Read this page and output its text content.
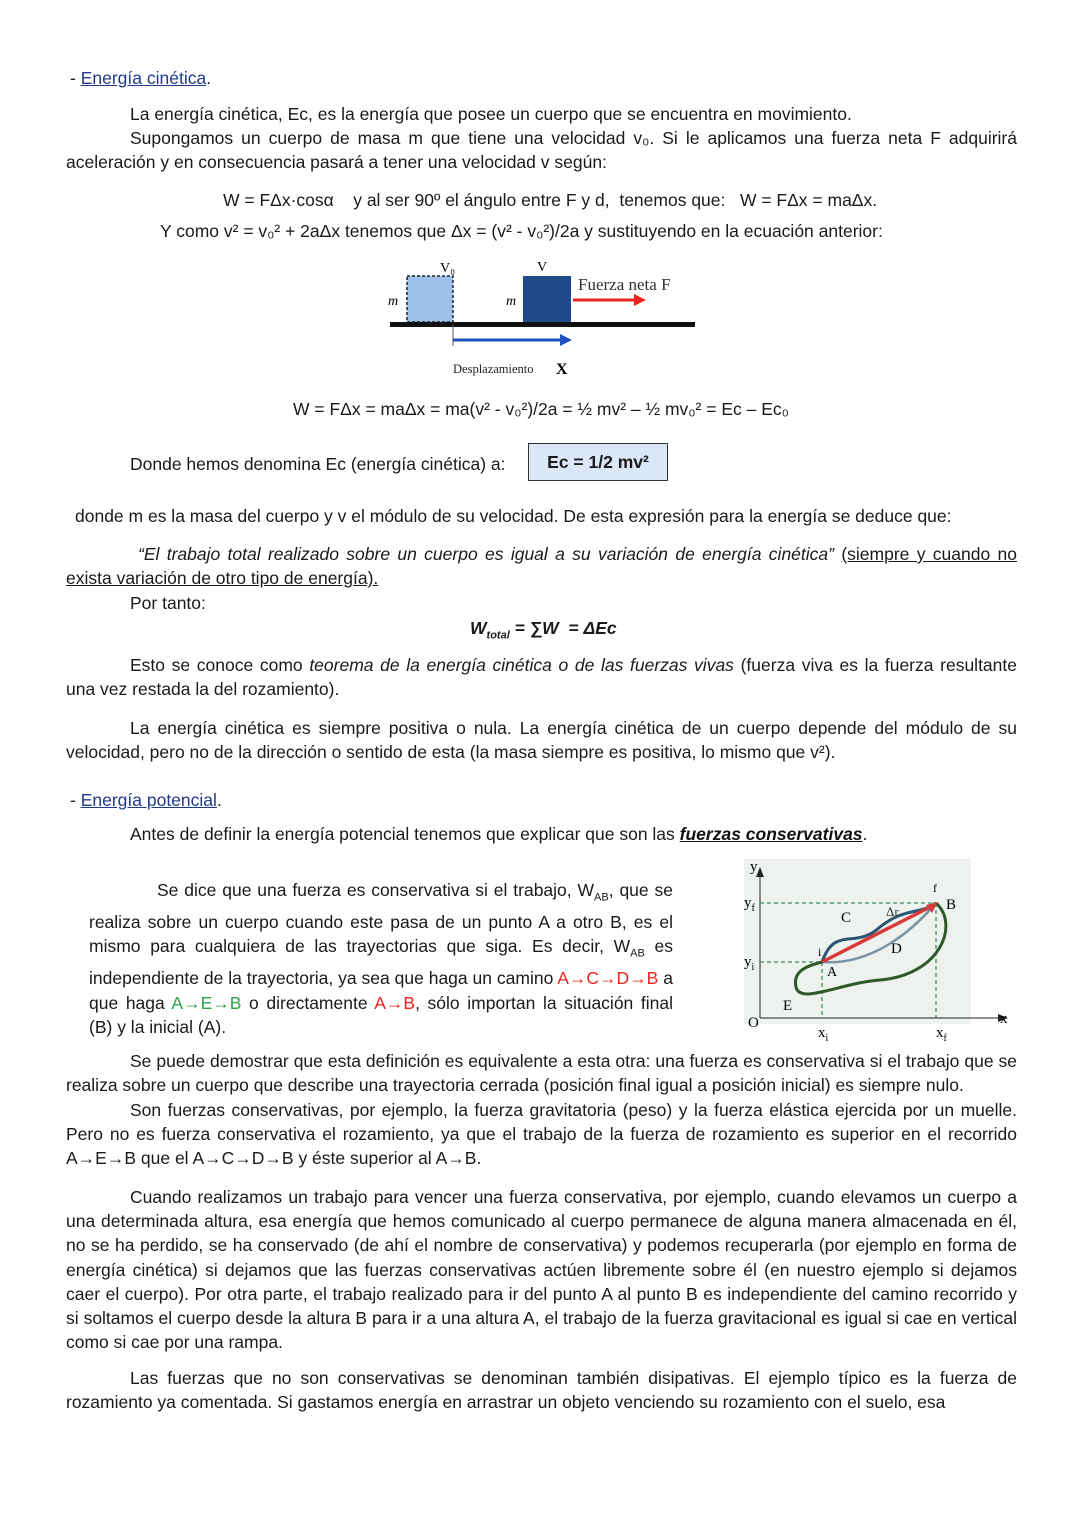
- Energía cinética.
La energía cinética, Ec, es la energía que posee un cuerpo que se encuentra en movimiento.
Supongamos un cuerpo de masa m que tiene una velocidad v₀. Si le aplicamos una fuerza neta F adquirirá aceleración y en consecuencia pasará a tener una velocidad v según:
W = FΔx·cosα    y al ser 90º el ángulo entre F y d,  tenemos que:   W = FΔx = maΔx.
Y como v² = v₀² + 2aΔx tenemos que Δx = (v² - v₀²)/2a y sustituyendo en la ecuación anterior:
V₀	V
m	m
Fuerza neta F
Desplazamiento X
W = FΔx = maΔx = ma(v² - v₀²)/2a = ½ mv² – ½ mv₀² = Ec – Ec₀
Donde hemos denomina Ec (energía cinética) a:	Ec = 1/2 mv²
donde m es la masa del cuerpo y v el módulo de su velocidad. De esta expresión para la energía se deduce que:
“El trabajo total realizado sobre un cuerpo es igual a su variación de energía cinética” (siempre y cuando no exista variación de otro tipo de energía).
Por tanto:
$W_{total} = \sum W = \Delta Ec$
Esto se conoce como teorema de la energía cinética o de las fuerzas vivas (fuerza viva es la fuerza resultante una vez restada la del rozamiento).
La energía cinética es siempre positiva o nula. La energía cinética de un cuerpo depende del módulo de su velocidad, pero no de la dirección o sentido de esta (la masa siempre es positiva, lo mismo que v²).
- Energía potencial.
Antes de definir la energía potencial tenemos que explicar que son las fuerzas conservativas.
Se dice que una fuerza es conservativa si el trabajo, $W_{AB}$, que se realiza sobre un cuerpo cuando este pasa de un punto A a otro B, es el mismo para cualquiera de las trayectorias que siga. Es decir, $W_{AB}$ es independiente de la trayectoria, ya sea que haga un camino A→C→D→B a que haga A→E→B o directamente A→B, sólo importan la situación final (B) y la inicial (A).
y
$y_f$
$y_i$
O	x
$x_i$	$x_f$
A
B
C
D
E
i
f
Δr
Se puede demostrar que esta definición es equivalente a esta otra: una fuerza es conservativa si el trabajo que se realiza sobre un cuerpo que describe una trayectoria cerrada (posición final igual a posición inicial) es siempre nulo.
Son fuerzas conservativas, por ejemplo, la fuerza gravitatoria (peso) y la fuerza elástica ejercida por un muelle. Pero no es fuerza conservativa el rozamiento, ya que el trabajo de la fuerza de rozamiento es superior en el recorrido A→E→B que el A→C→D→B y éste superior al A→B.
Cuando realizamos un trabajo para vencer una fuerza conservativa, por ejemplo, cuando elevamos un cuerpo a una determinada altura, esa energía que hemos comunicado al cuerpo permanece de alguna manera almacenada en él, no se ha perdido, se ha conservado (de ahí el nombre de conservativa) y podemos recuperarla (por ejemplo en forma de energía cinética) si dejamos que las fuerzas conservativas actúen libremente sobre él (en nuestro ejemplo si dejamos caer el cuerpo). Por otra parte, el trabajo realizado para ir del punto A al punto B es independiente del camino recorrido y si soltamos el cuerpo desde la altura B para ir a una altura A, el trabajo de la fuerza gravitacional es igual si cae en vertical como si cae por una rampa.
Las fuerzas que no son conservativas se denominan también disipativas. El ejemplo típico es la fuerza de rozamiento ya comentada. Si gastamos energía en arrastrar un objeto venciendo su rozamiento con el suelo, esa
